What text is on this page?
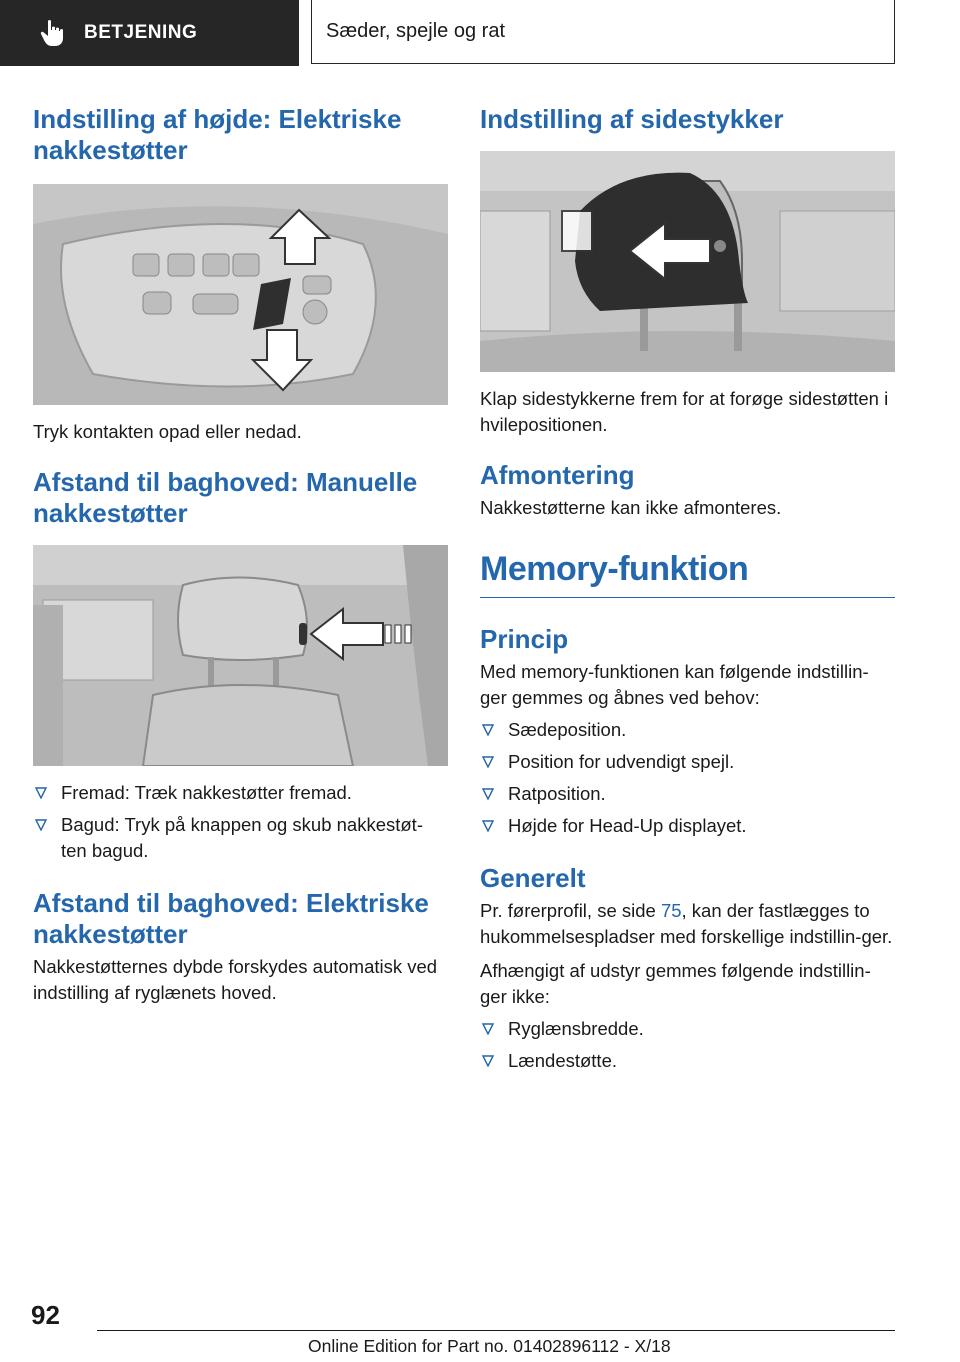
BETJENING	Sæder, spejle og rat
Indstilling af højde: Elektriske nakkestøtter

Tryk kontakten opad eller nedad.

Afstand til baghoved: Manuelle nakkestøtter
Fremad: Træk nakkestøtter fremad.
Bagud: Tryk på knappen og skub nakkestøt-ten bagud.
Afstand til baghoved: Elektriske nakkestøtter

Nakkestøtternes dybde forskydes automatisk ved indstilling af ryglænets hoved.

Indstilling af sidestykker

Klap sidestykkerne frem for at forøge sidestøtten i hvilepositionen.

Afmontering

Nakkestøtterne kan ikke afmonteres.

Memory-funktion
Princip

Med memory-funktionen kan følgende indstillin-ger gemmes og åbnes ved behov:

Sædeposition.
Position for udvendigt spejl.
Ratposition.
Højde for Head-Up displayet.
Generelt

Pr. førerprofil, se side 75, kan der fastlægges to hukommelsespladser med forskellige indstillin-ger.

Afhængigt af udstyr gemmes følgende indstillin-ger ikke:

Ryglænsbredde.
Lændestøtte.
92
Online Edition for Part no. 01402896112 - X/18
